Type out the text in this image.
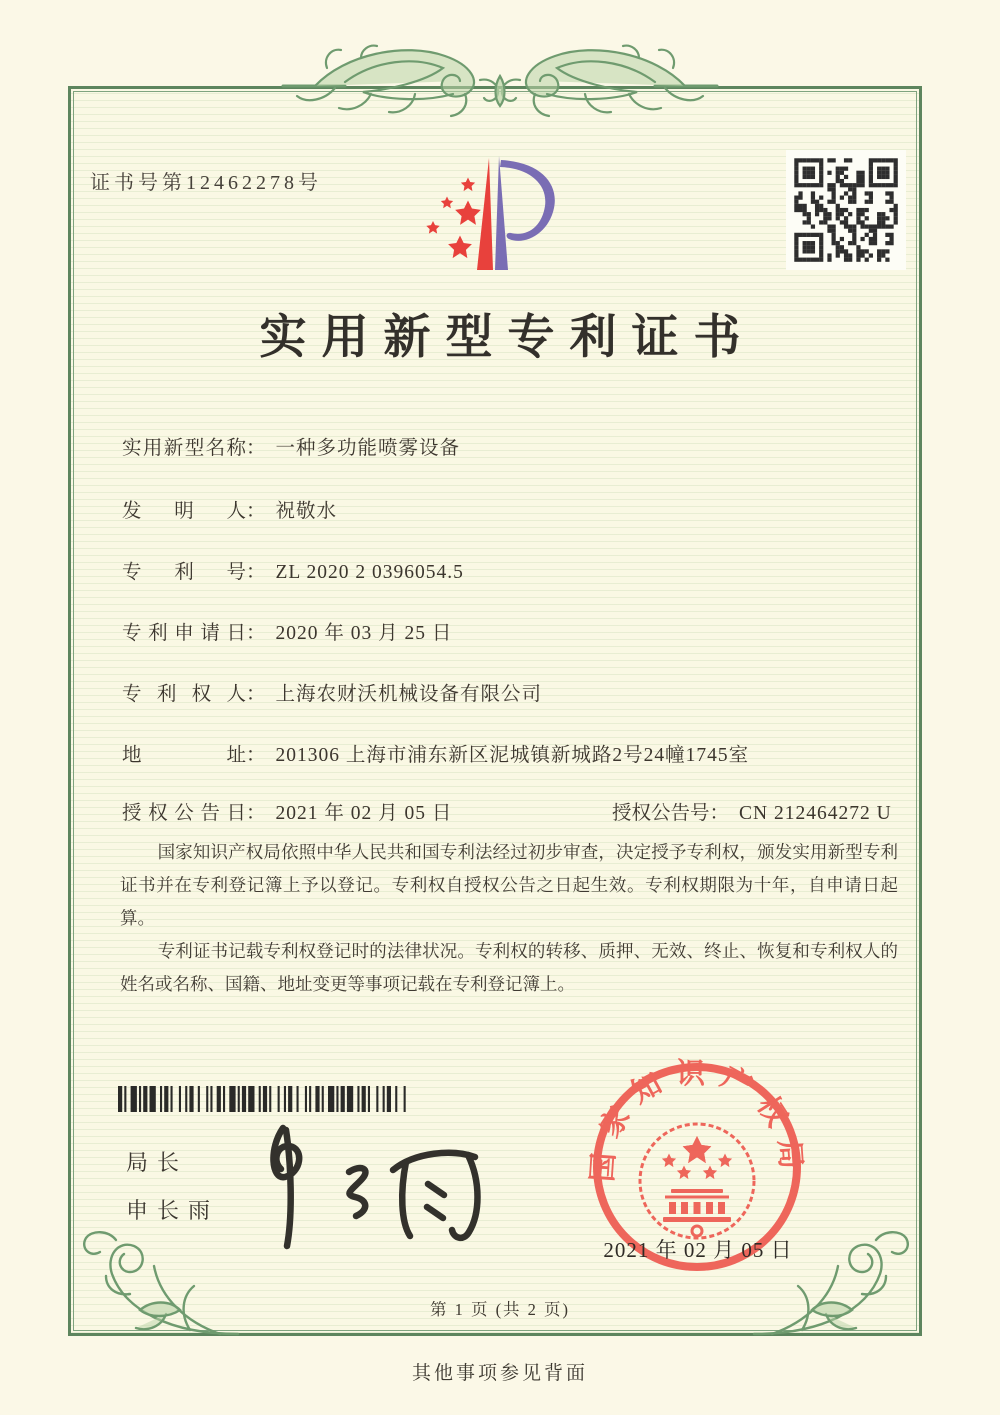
证书号第12462278号
实用新型专利证书
实用新型名称： 一种多功能喷雾设备
发明人： 祝敬水
专利号： ZL 2020 2 0396054.5
专利申请日： 2020 年 03 月 25 日
专利权人： 上海农财沃机械设备有限公司
地址： 201306 上海市浦东新区泥城镇新城路2号24幢1745室
授权公告日： 2021 年 02 月 05 日	授权公告号： CN 212464272 U

国家知识产权局依照中华人民共和国专利法经过初步审查，决定授予专利权，颁发实用新型专利证书并在专利登记簿上予以登记。专利权自授权公告之日起生效。专利权期限为十年，自申请日起算。

专利证书记载专利权登记时的法律状况。专利权的转移、质押、无效、终止、恢复和专利权人的姓名或名称、国籍、地址变更等事项记载在专利登记簿上。

局长
申长雨
国家知识产权局
2021 年 02 月 05 日
第 1 页 (共 2 页)
其他事项参见背面
